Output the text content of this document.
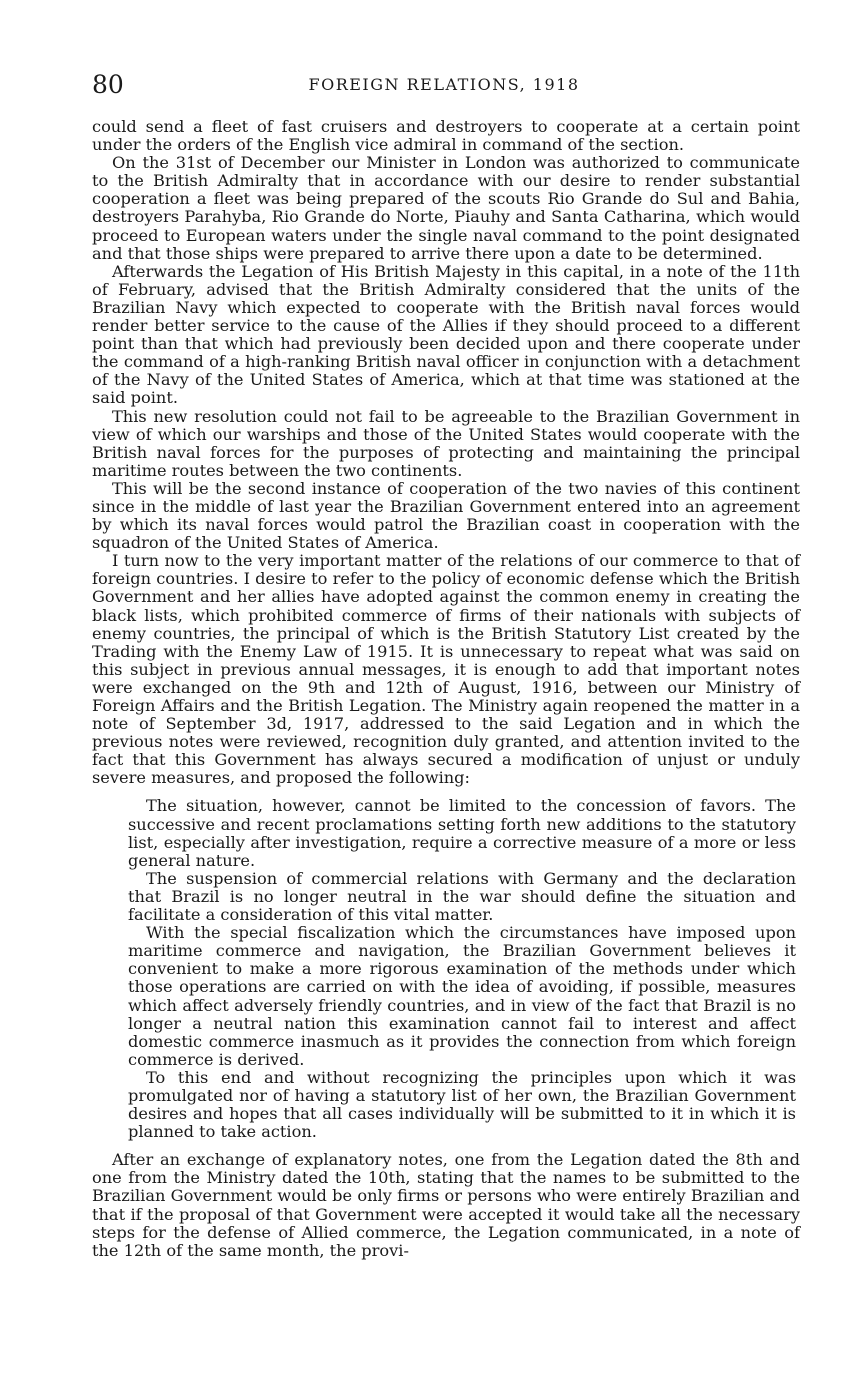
80	FOREIGN RELATIONS, 1918

could send a fleet of fast cruisers and destroyers to cooperate at a certain point under the orders of the English vice admiral in command of the section.

On the 31st of December our Minister in London was authorized to communicate to the British Admiralty that in accordance with our desire to render substantial cooperation a fleet was being prepared of the scouts Rio Grande do Sul and Bahia, destroyers Parahyba, Rio Grande do Norte, Piauhy and Santa Catharina, which would proceed to European waters under the single naval command to the point designated and that those ships were prepared to arrive there upon a date to be determined.

Afterwards the Legation of His British Majesty in this capital, in a note of the 11th of February, advised that the British Admiralty considered that the units of the Brazilian Navy which expected to cooperate with the British naval forces would render better service to the cause of the Allies if they should proceed to a different point than that which had previously been decided upon and there cooperate under the command of a high-ranking British naval officer in conjunction with a detachment of the Navy of the United States of America, which at that time was stationed at the said point.

This new resolution could not fail to be agreeable to the Brazilian Government in view of which our warships and those of the United States would cooperate with the British naval forces for the purposes of protecting and maintaining the principal maritime routes between the two continents.

This will be the second instance of cooperation of the two navies of this continent since in the middle of last year the Brazilian Government entered into an agreement by which its naval forces would patrol the Brazilian coast in cooperation with the squadron of the United States of America.

I turn now to the very important matter of the relations of our commerce to that of foreign countries. I desire to refer to the policy of economic defense which the British Government and her allies have adopted against the common enemy in creating the black lists, which prohibited commerce of firms of their nationals with subjects of enemy countries, the principal of which is the British Statutory List created by the Trading with the Enemy Law of 1915. It is unnecessary to repeat what was said on this subject in previous annual messages, it is enough to add that important notes were exchanged on the 9th and 12th of August, 1916, between our Ministry of Foreign Affairs and the British Legation. The Ministry again reopened the matter in a note of September 3d, 1917, addressed to the said Legation and in which the previous notes were reviewed, recognition duly granted, and attention invited to the fact that this Government has always secured a modification of unjust or unduly severe measures, and proposed the following:

The situation, however, cannot be limited to the concession of favors. The successive and recent proclamations setting forth new additions to the statutory list, especially after investigation, require a corrective measure of a more or less general nature.

The suspension of commercial relations with Germany and the declaration that Brazil is no longer neutral in the war should define the situation and facilitate a consideration of this vital matter.

With the special fiscalization which the circumstances have imposed upon maritime commerce and navigation, the Brazilian Government believes it convenient to make a more rigorous examination of the methods under which those operations are carried on with the idea of avoiding, if possible, measures which affect adversely friendly countries, and in view of the fact that Brazil is no longer a neutral nation this examination cannot fail to interest and affect domestic commerce inasmuch as it provides the connection from which foreign commerce is derived.

To this end and without recognizing the principles upon which it was promulgated nor of having a statutory list of her own, the Brazilian Government desires and hopes that all cases individually will be submitted to it in which it is planned to take action.

After an exchange of explanatory notes, one from the Legation dated the 8th and one from the Ministry dated the 10th, stating that the names to be submitted to the Brazilian Government would be only firms or persons who were entirely Brazilian and that if the proposal of that Government were accepted it would take all the necessary steps for the defense of Allied commerce, the Legation communicated, in a note of the 12th of the same month, the provi-
